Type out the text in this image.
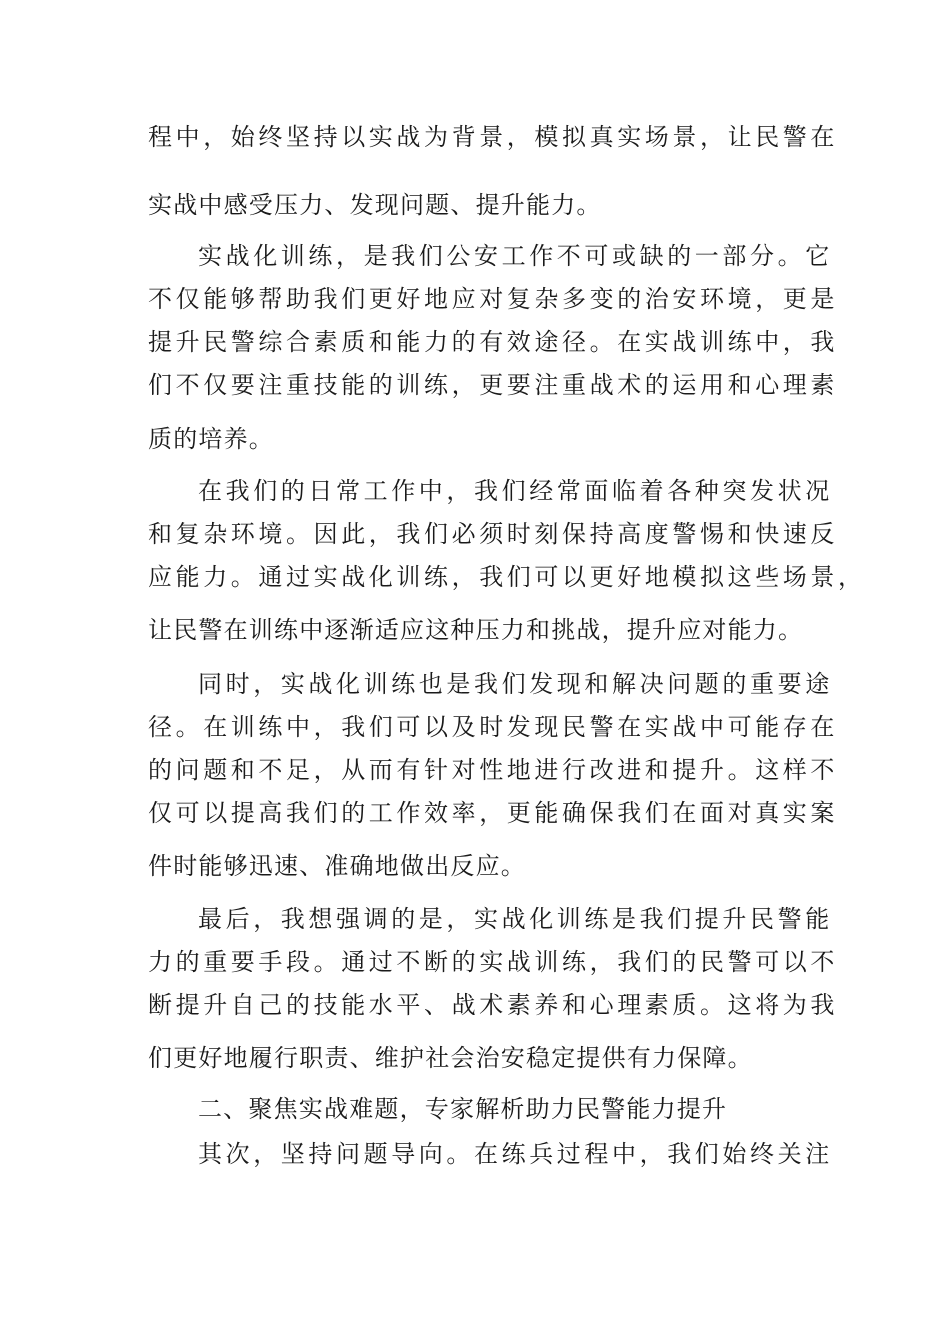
程中，始终坚持以实战为背景，模拟真实场景，让民警在
实战中感受压力、发现问题、提升能力。
实战化训练，是我们公安工作不可或缺的一部分。它
不仅能够帮助我们更好地应对复杂多变的治安环境，更是
提升民警综合素质和能力的有效途径。在实战训练中，我
们不仅要注重技能的训练，更要注重战术的运用和心理素
质的培养。
在我们的日常工作中，我们经常面临着各种突发状况
和复杂环境。因此，我们必须时刻保持高度警惕和快速反
应能力。通过实战化训练，我们可以更好地模拟这些场景，
让民警在训练中逐渐适应这种压力和挑战，提升应对能力。
同时，实战化训练也是我们发现和解决问题的重要途
径。在训练中，我们可以及时发现民警在实战中可能存在
的问题和不足，从而有针对性地进行改进和提升。这样不
仅可以提高我们的工作效率，更能确保我们在面对真实案
件时能够迅速、准确地做出反应。
最后，我想强调的是，实战化训练是我们提升民警能
力的重要手段。通过不断的实战训练，我们的民警可以不
断提升自己的技能水平、战术素养和心理素质。这将为我
们更好地履行职责、维护社会治安稳定提供有力保障。
二、聚焦实战难题，专家解析助力民警能力提升
其次，坚持问题导向。在练兵过程中，我们始终关注
